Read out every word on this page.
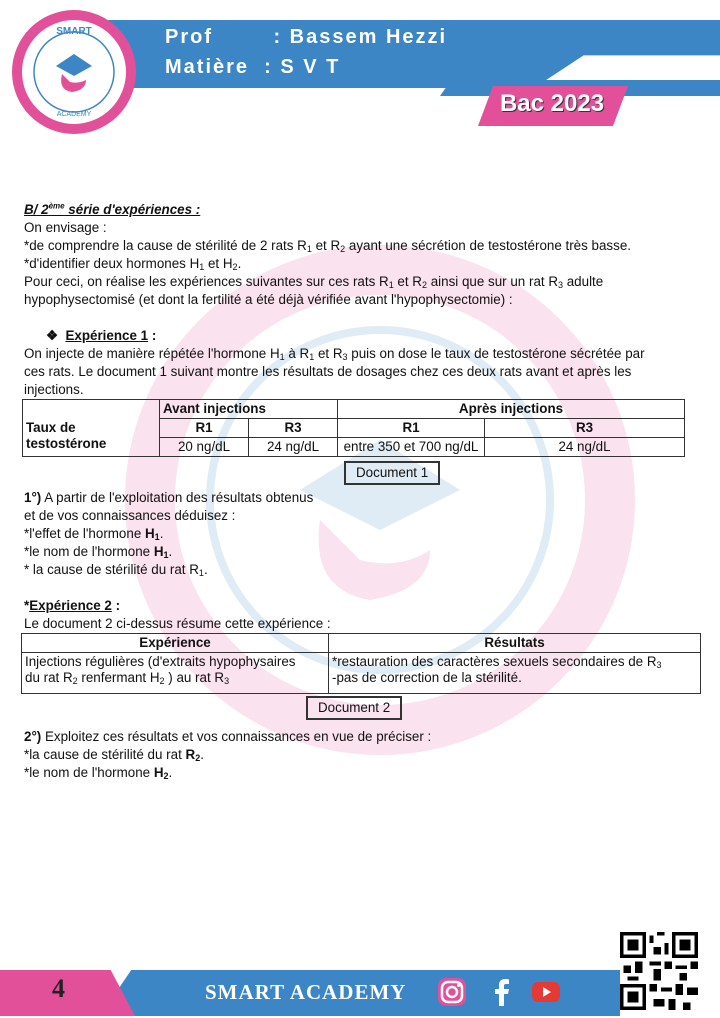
Prof	: Bassem Hezzi
Matière : S V T
Bac 2023
SMART
ACADEMY

B/ 2ème série d'expériences :

On envisage :

*de comprendre la cause de stérilité de 2 rats $R_1$ et $R_2$ ayant une sécrétion de testostérone très basse.

*d'identifier deux hormones $H_1$ et $H_2$.

Pour ceci, on réalise les expériences suivantes sur ces rats $R_1$ et $R_2$ ainsi que sur un rat $R_3$ adulte
hypophysectomisé (et dont la fertilité a été déjà vérifiée avant l'hypophysectomie) :

❖ Expérience 1 :

On injecte de manière répétée l'hormone $H_1$ à $R_1$ et $R_3$ puis on dose le taux de testostérone sécrétée par
ces rats. Le document 1 suivant montre les résultats de dosages chez ces deux rats avant et après les
injections.

	Avant injections		Après injections	
Taux de
testostérone	R1	R3	R1	R3
	20 ng/dL	24 ng/dL	entre 350 et 700 ng/dL	24 ng/dL
Document 1

1°) A partir de l'exploitation des résultats obtenus
et de vos connaissances déduisez :
*l'effet de l'hormone $H_1$.
*le nom de l'hormone $H_1$.
* la cause de stérilité du rat $R_1$.

*Expérience 2 :

Le document 2 ci-dessus résume cette expérience :

Expérience	Résultats
Injections régulières (d'extraits hypophysaires
du rat $R_2$ renfermant $H_2$ ) au rat $R_3$	*restauration des caractères sexuels secondaires de $R_3$
-pas de correction de la stérilité.
Document 2

2°) Exploitez ces résultats et vos connaissances en vue de préciser :
*la cause de stérilité du rat $R_2$.
*le nom de l'hormone $H_2$.

4	SMART ACADEMY
